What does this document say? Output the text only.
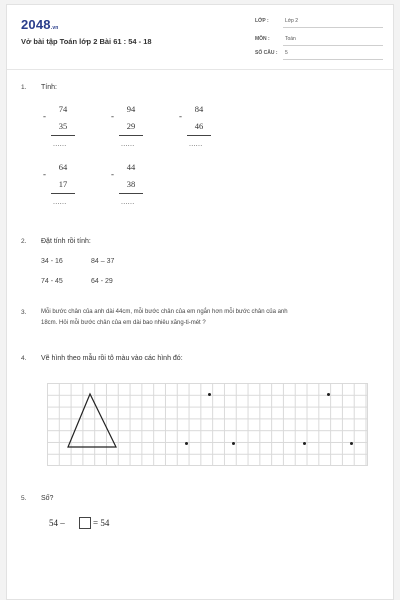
2048.vn
Vở bài tập Toán lớp 2 Bài 61 : 54 - 18
LỚP :	Lớp 2
MÔN :	Toán
SỐ CÂU : 5
1. Tính:
74
-
35
......
94
-
29
......
84
-
46
......
64
-
17
......
44
-
38
......
2. Đặt tính rồi tính:
34 - 16	84 – 37
74 - 45	64 - 29
3. Mỗi bước chân của anh dài 44cm, mỗi bước chân của em ngắn hơn mỗi bước chân của anh
18cm. Hỏi mỗi bước chân của em dài bao nhiêu xăng-ti-mét ?
4. Vẽ hình theo mẫu rồi tô màu vào các hình đó:
5. Số?
54 –	= 54
